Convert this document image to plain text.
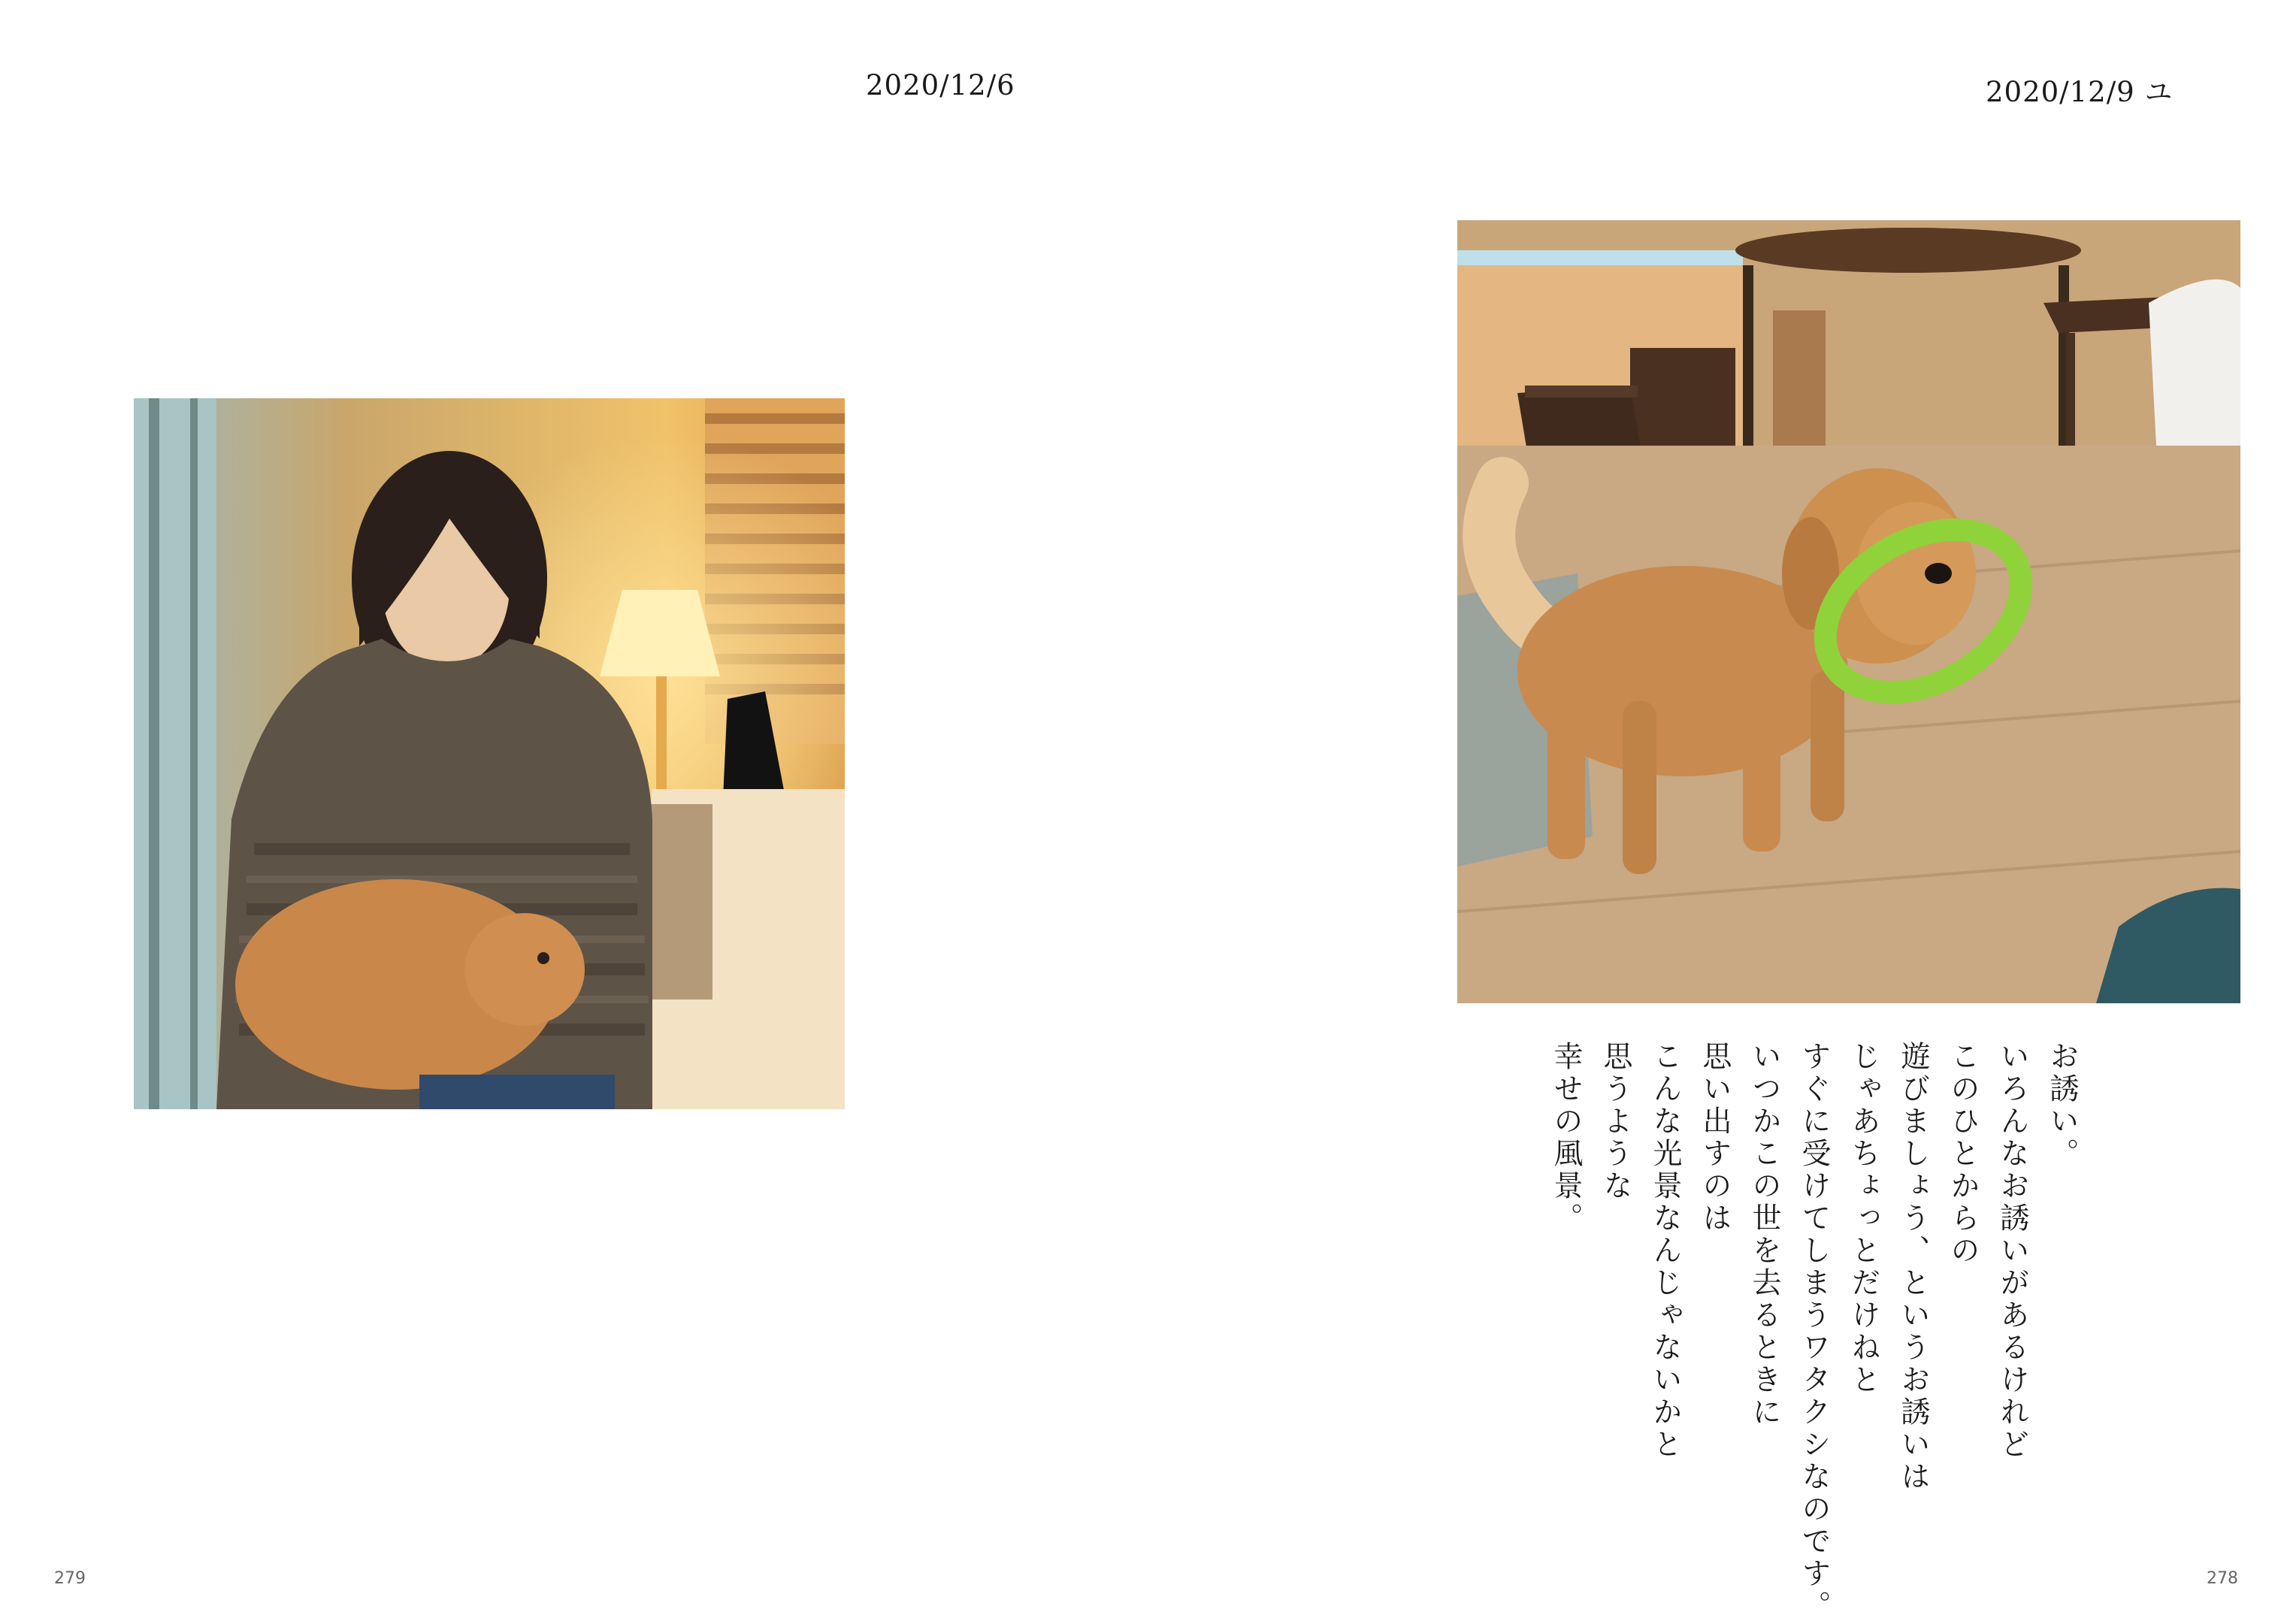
2020/12/6	2020/12/9 ユ
お誘い。
いろんなお誘いがあるけれど
このひとからの
遊びましょう、というお誘いは
じゃあちょっとだけねと
すぐに受けてしまうワタクシなのです。
いつかこの世を去るときに
思い出すのは
こんな光景なんじゃないかと
思うような
幸せの風景。
279	278
